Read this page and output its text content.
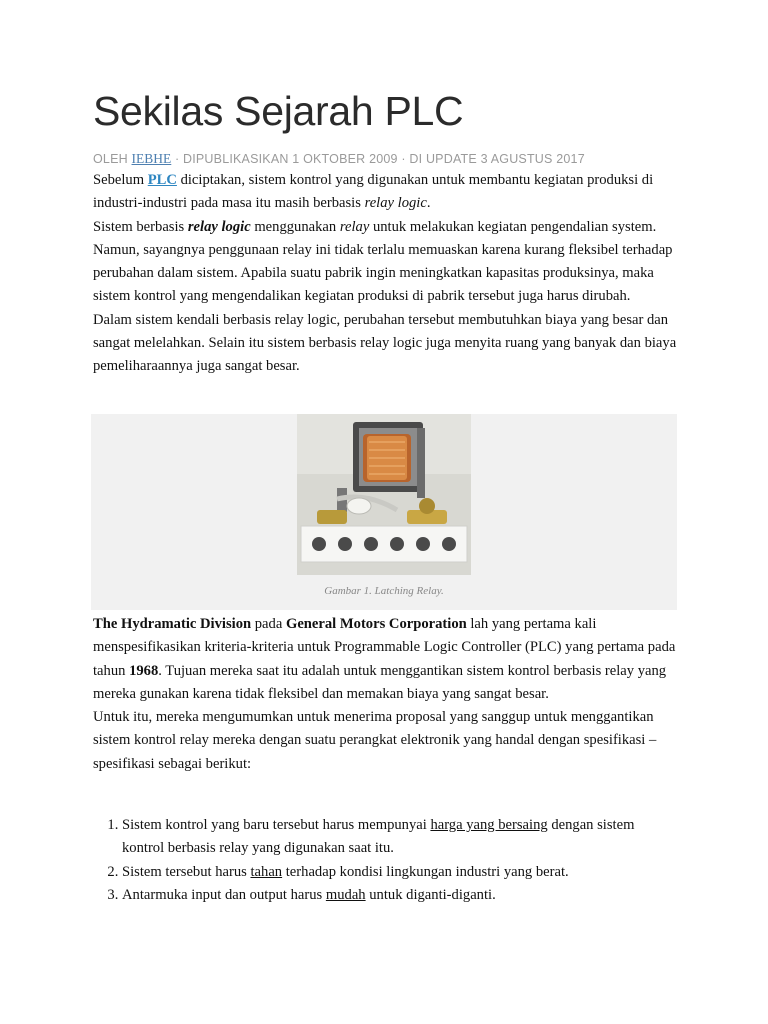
Sekilas Sejarah PLC
OLEH IEBHE · DIPUBLIKASIKAN 1 OKTOBER 2009 · DI UPDATE 3 AGUSTUS 2017

Sebelum PLC diciptakan, sistem kontrol yang digunakan untuk membantu kegiatan produksi di industri-industri pada masa itu masih berbasis relay logic.

Sistem berbasis relay logic menggunakan relay untuk melakukan kegiatan pengendalian system. Namun, sayangnya penggunaan relay ini tidak terlalu memuaskan karena kurang fleksibel terhadap perubahan dalam sistem. Apabila suatu pabrik ingin meningkatkan kapasitas produksinya, maka sistem kontrol yang mengendalikan kegiatan produksi di pabrik tersebut juga harus dirubah.

Dalam sistem kendali berbasis relay logic, perubahan tersebut membutuhkan biaya yang besar dan sangat melelahkan. Selain itu sistem berbasis relay logic juga menyita ruang yang banyak dan biaya pemeliharaannya juga sangat besar.

Gambar 1. Latching Relay.

The Hydramatic Division pada General Motors Corporation lah yang pertama kali menspesifikasikan kriteria-kriteria untuk Programmable Logic Controller (PLC) yang pertama pada tahun 1968. Tujuan mereka saat itu adalah untuk menggantikan sistem kontrol berbasis relay yang mereka gunakan karena tidak fleksibel dan memakan biaya yang sangat besar.

Untuk itu, mereka mengumumkan untuk menerima proposal yang sanggup untuk menggantikan sistem kontrol relay mereka dengan suatu perangkat elektronik yang handal dengan spesifikasi – spesifikasi sebagai berikut:

1. Sistem kontrol yang baru tersebut harus mempunyai harga yang bersaing dengan sistem kontrol berbasis relay yang digunakan saat itu.
2. Sistem tersebut harus tahan terhadap kondisi lingkungan industri yang berat.
3. Antarmuka input dan output harus mudah untuk diganti-diganti.
